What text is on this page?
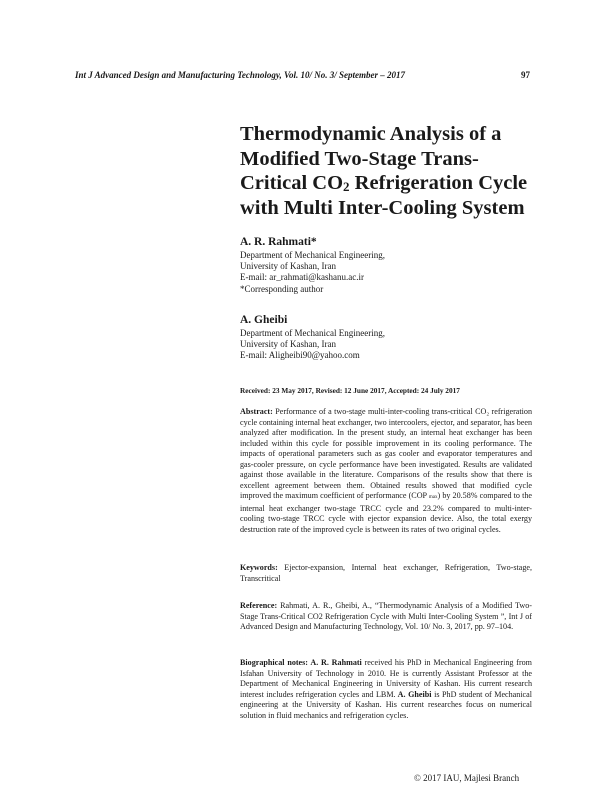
Int J Advanced Design and Manufacturing Technology, Vol. 10/ No. 3/ September – 2017	97
Thermodynamic Analysis of a
Modified Two-Stage Trans-
Critical $CO_2$ Refrigeration Cycle
with Multi Inter-Cooling System
A. R. Rahmati*
Department of Mechanical Engineering,
University of Kashan, Iran
E-mail: ar_rahmati@kashanu.ac.ir
*Corresponding author
A. Gheibi
Department of Mechanical Engineering,
University of Kashan, Iran
E-mail: Aligheibi90@yahoo.com
Received: 23 May 2017, Revised: 12 June 2017, Accepted: 24 July 2017
Abstract: Performance of a two-stage multi-inter-cooling trans-critical CO₂ refrigeration cycle containing internal heat exchanger, two intercoolers, ejector, and separator, has been analyzed after modification. In the present study, an internal heat exchanger has been included within this cycle for possible improvement in its cooling performance. The impacts of operational parameters such as gas cooler and evaporator temperatures and gas-cooler pressure, on cycle performance have been investigated. Results are validated against those available in the literature. Comparisons of the results show that there is excellent agreement between them. Obtained results showed that modified cycle improved the maximum coefficient of performance (COP max) by 20.58% compared to the internal heat exchanger two-stage TRCC cycle and 23.2% compared to multi-inter-cooling two-stage TRCC cycle with ejector expansion device. Also, the total exergy destruction rate of the improved cycle is between its rates of two original cycles.
Keywords: Ejector-expansion, Internal heat exchanger, Refrigeration, Two-stage, Transcritical
Reference: Rahmati, A. R., Gheibi, A., “Thermodynamic Analysis of a Modified Two-Stage Trans-Critical CO2 Refrigeration Cycle with Multi Inter-Cooling System ”, Int J of Advanced Design and Manufacturing Technology, Vol. 10/ No. 3, 2017, pp. 97–104.
Biographical notes: A. R. Rahmati received his PhD in Mechanical Engineering from Isfahan University of Technology in 2010. He is currently Assistant Professor at the Department of Mechanical Engineering in University of Kashan. His current research interest includes refrigeration cycles and LBM. A. Gheibi is PhD student of Mechanical engineering at the University of Kashan. His current researches focus on numerical solution in fluid mechanics and refrigeration cycles.
© 2017 IAU, Majlesi Branch
